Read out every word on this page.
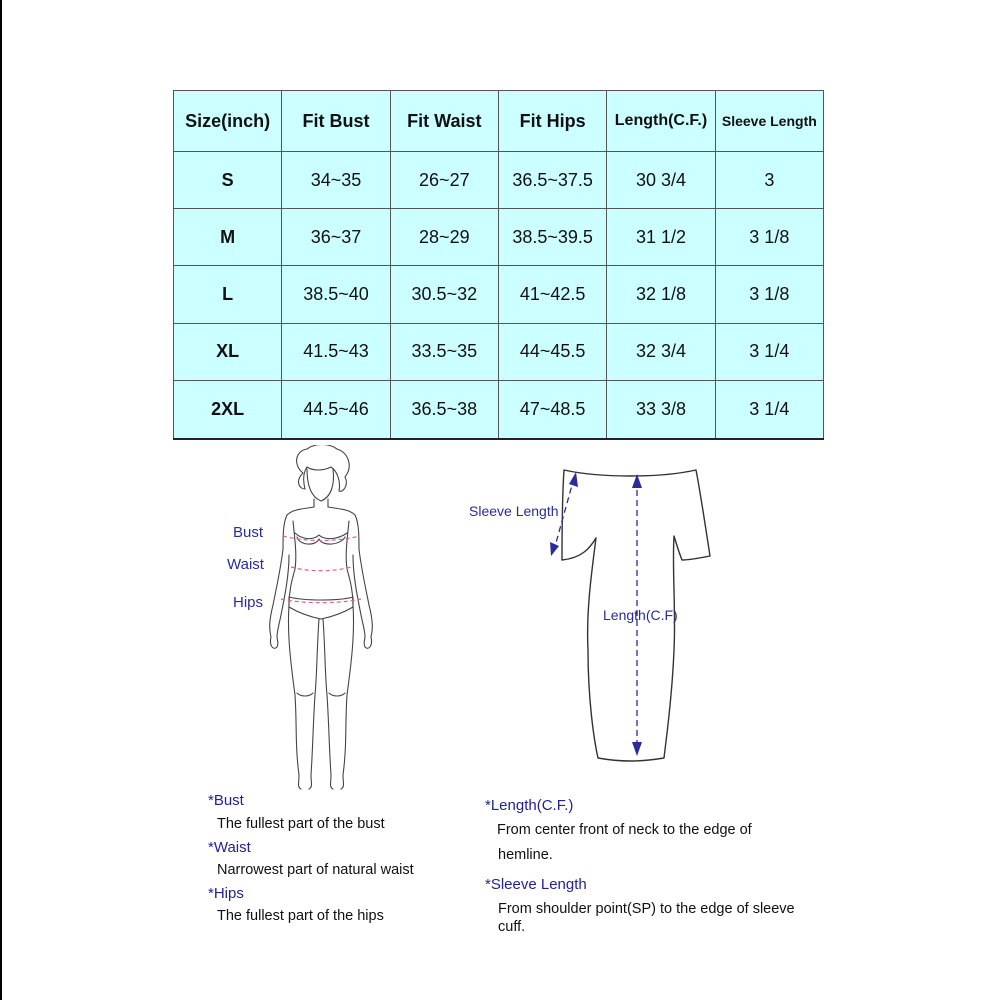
Size(inch)	Fit Bust	Fit Waist	Fit Hips	Length(C.F.)	Sleeve Length
S	34~35	26~27	36.5~37.5	30 3/4	3
M	36~37	28~29	38.5~39.5	31 1/2	3 1/8
L	38.5~40	30.5~32	41~42.5	32 1/8	3 1/8
XL	41.5~43	33.5~35	44~45.5	32 3/4	3 1/4
2XL	44.5~46	36.5~38	47~48.5	33 3/8	3 1/4
Bust
Waist
Hips
Sleeve Length
Length(C.F)
*Bust
The fullest part of the bust
*Waist
Narrowest part of natural waist
*Hips
The fullest part of the hips
*Length(C.F.)
From center front of neck to the edge of
hemline.
*Sleeve Length
From shoulder point(SP) to the edge of sleeve
cuff.
